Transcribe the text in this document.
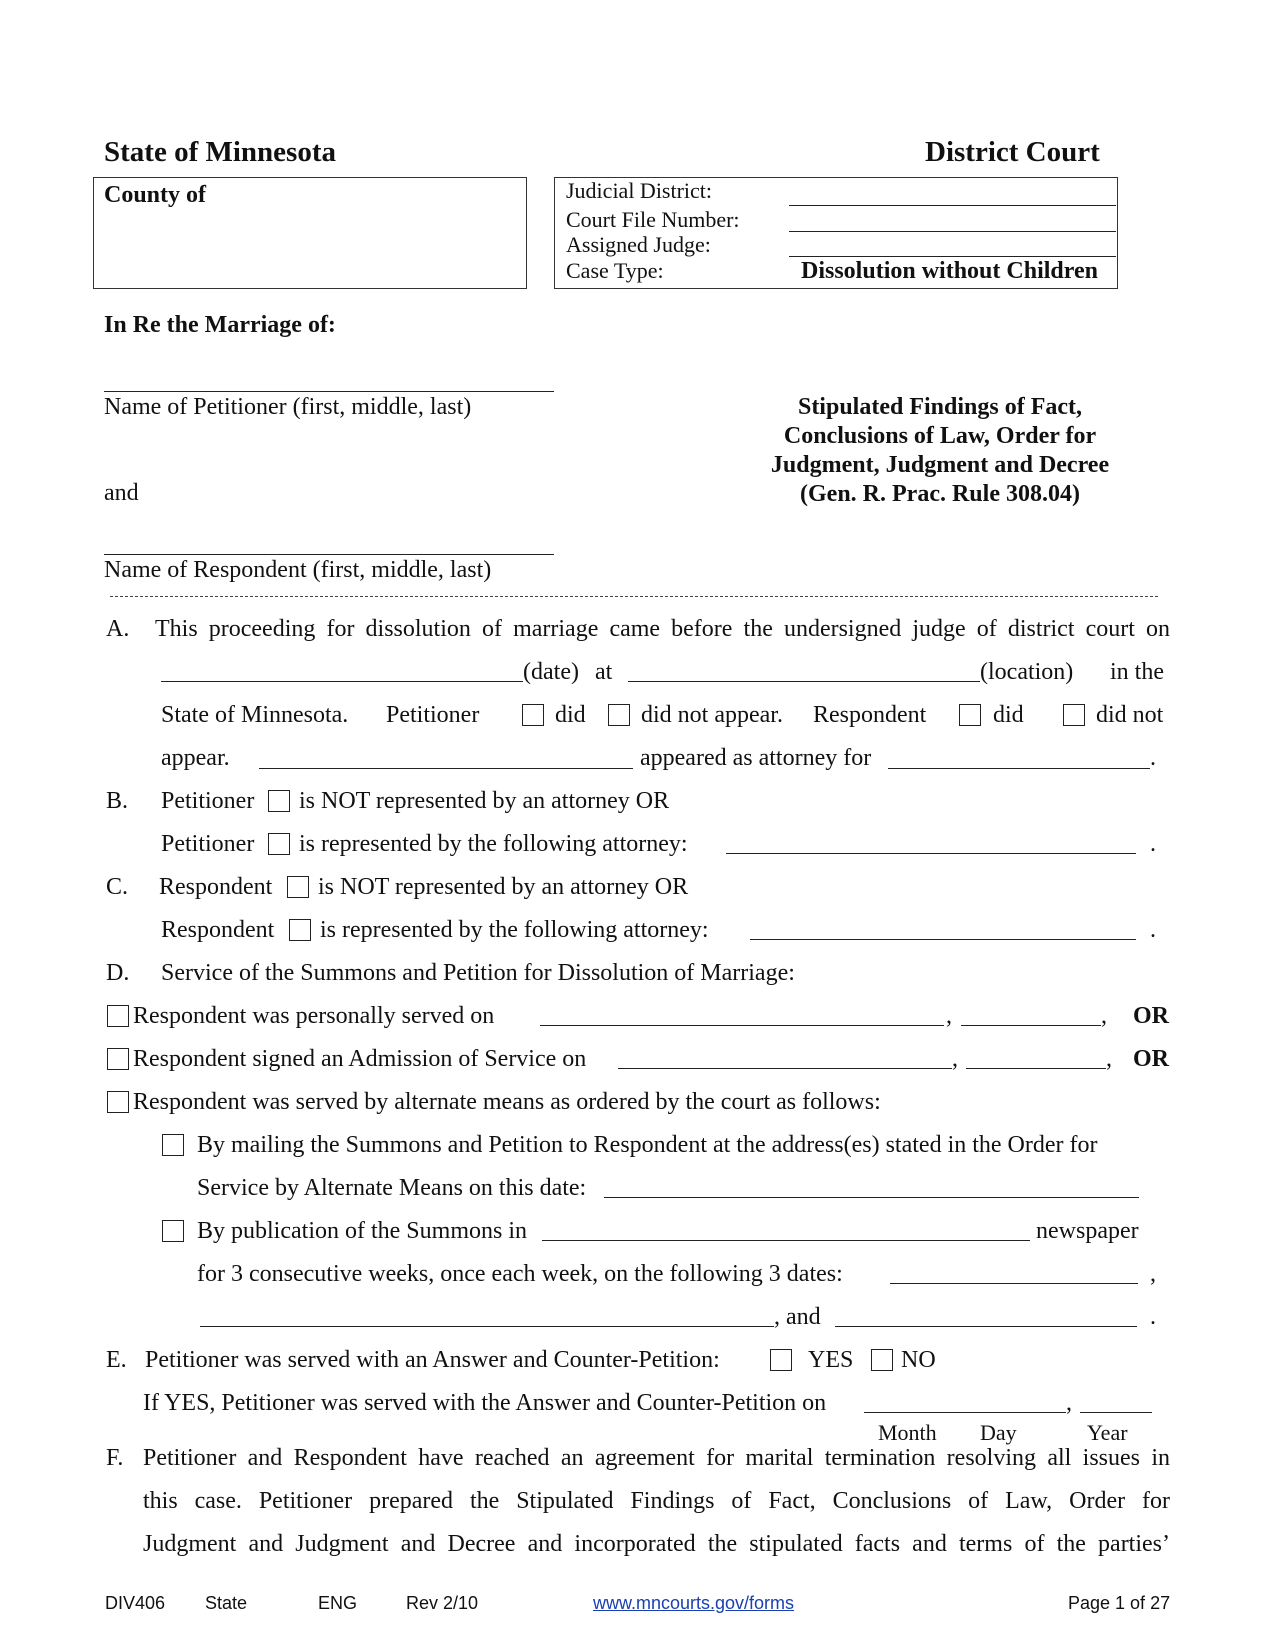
State of Minnesota	District Court
County of	Judicial District:
Court File Number:
Assigned Judge:
Case Type:	Dissolution without Children
In Re the Marriage of:
Name of Petitioner (first, middle, last)
and
Name of Respondent (first, middle, last)
Stipulated Findings of Fact,
Conclusions of Law, Order for
Judgment, Judgment and Decree
(Gen. R. Prac. Rule 308.04)
A. This proceeding for dissolution of marriage came before the undersigned judge of district court on
(date) at	(location) in the
State of Minnesota. Petitioner	did did not appear. Respondent	did	did not
appear.	appeared as attorney for	.
B. Petitioner is NOT represented by an attorney OR
Petitioner is represented by the following attorney:	.
C. Respondent is NOT represented by an attorney OR
Respondent is represented by the following attorney:	.
D. Service of the Summons and Petition for Dissolution of Marriage:
Respondent was personally served on	,	, OR
Respondent signed an Admission of Service on	,	, OR
Respondent was served by alternate means as ordered by the court as follows:
By mailing the Summons and Petition to Respondent at the address(es) stated in the Order for
Service by Alternate Means on this date:
By publication of the Summons in	newspaper
for 3 consecutive weeks, once each week, on the following 3 dates:	,
, and	.
E. Petitioner was served with an Answer and Counter-Petition:	YES NO
If YES, Petitioner was served with the Answer and Counter-Petition on	,
Month Day	Year
F. Petitioner and Respondent have reached an agreement for marital termination resolving all issues in
this case. Petitioner prepared the Stipulated Findings of Fact, Conclusions of Law, Order for
Judgment and Judgment and Decree and incorporated the stipulated facts and terms of the parties’
DIV406 State	ENG	Rev 2/10	www.mncourts.gov/forms	Page 1 of 27
